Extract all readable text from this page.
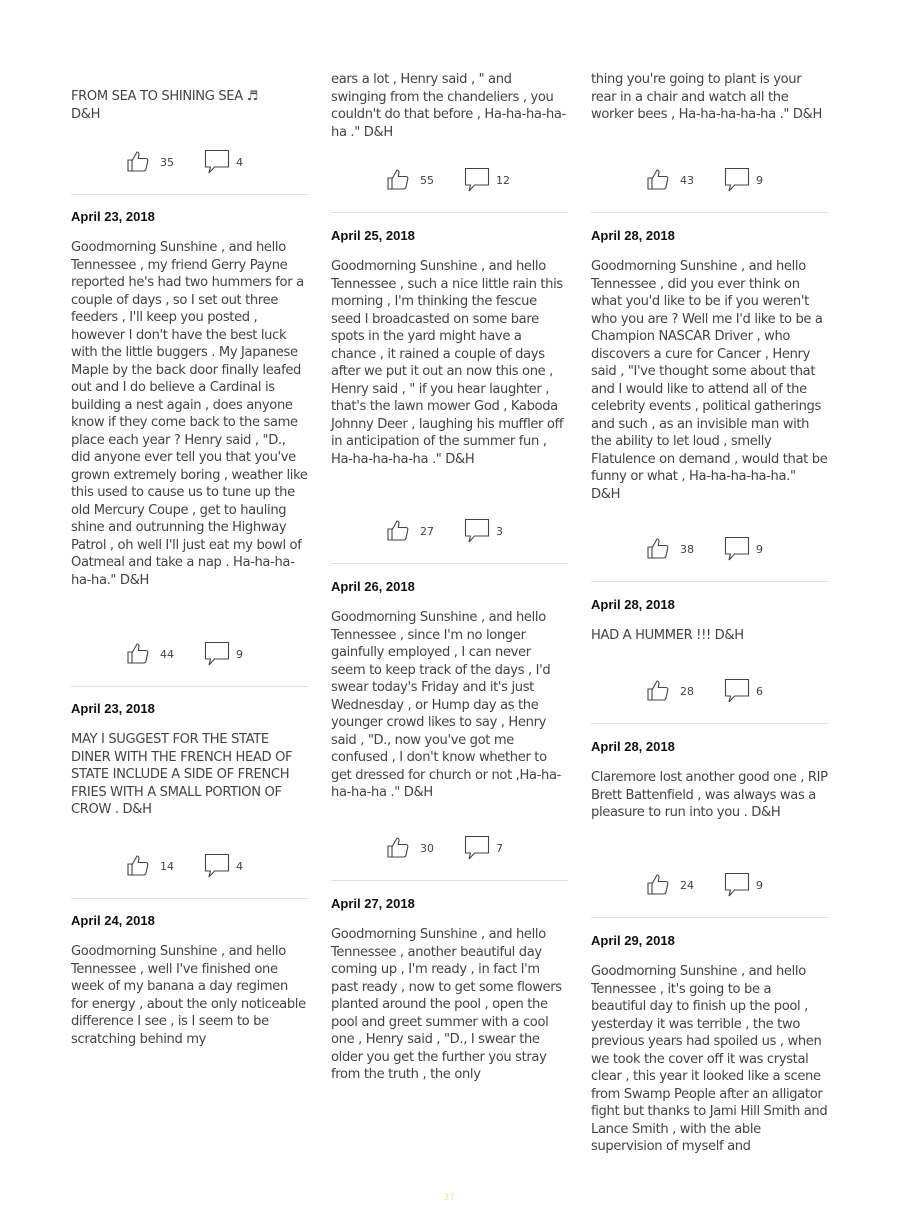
FROM SEA TO SHINING SEA ♬
D&H

35	4

April 23, 2018

Goodmorning Sunshine , and hello Tennessee , my friend Gerry Payne reported he's had two hummers for a couple of days , so I set out three feeders , I'll keep you posted , however I don't have the best luck with the little buggers . My Japanese Maple by the back door finally leafed out and I do believe a Cardinal is building a nest again , does anyone know if they come back to the same place each year ? Henry said , "D., did anyone ever tell you that you've grown extremely boring , weather like this used to cause us to tune up the old Mercury Coupe , get to hauling shine and outrunning the Highway Patrol , oh well I'll just eat my bowl of Oatmeal and take a nap . Ha-ha-ha-ha-ha." D&H

44	9

April 23, 2018

MAY I SUGGEST FOR THE STATE DINER WITH THE FRENCH HEAD OF STATE INCLUDE A SIDE OF FRENCH FRIES WITH A SMALL PORTION OF CROW . D&H

14	4

April 24, 2018

Goodmorning Sunshine , and hello Tennessee , well I've finished one week of my banana a day regimen for energy , about the only noticeable difference I see , is I seem to be scratching behind my

ears a lot , Henry said , " and swinging from the chandeliers , you couldn't do that before , Ha-ha-ha-ha-ha ." D&H

55	12

April 25, 2018

Goodmorning Sunshine , and hello Tennessee , such a nice little rain this morning , I'm thinking the fescue seed I broadcasted on some bare spots in the yard might have a chance , it rained a couple of days after we put it out an now this one , Henry said , " if you hear laughter , that's the lawn mower God , Kaboda Johnny Deer , laughing his muffler off in anticipation of the summer fun , Ha-ha-ha-ha-ha ." D&H

27	3

April 26, 2018

Goodmorning Sunshine , and hello Tennessee , since I'm no longer gainfully employed , I can never seem to keep track of the days , I'd swear today's Friday and it's just Wednesday , or Hump day as the younger crowd likes to say , Henry said , "D., now you've got me confused , I don't know whether to get dressed for church or not ,Ha-ha-ha-ha-ha ." D&H

30	7

April 27, 2018

Goodmorning Sunshine , and hello Tennessee , another beautiful day coming up , I'm ready , in fact I'm past ready , now to get some flowers planted around the pool , open the pool and greet summer with a cool one , Henry said , "D., I swear the older you get the further you stray from the truth , the only

thing you're going to plant is your rear in a chair and watch all the worker bees , Ha-ha-ha-ha-ha ." D&H

43	9

April 28, 2018

Goodmorning Sunshine , and hello Tennessee , did you ever think on what you'd like to be if you weren't who you are ? Well me I'd like to be a Champion NASCAR Driver , who discovers a cure for Cancer , Henry said , "I've thought some about that and I would like to attend all of the celebrity events , political gatherings and such , as an invisible man with the ability to let loud , smelly Flatulence on demand , would that be funny or what , Ha-ha-ha-ha-ha." D&H

38	9

April 28, 2018

HAD A HUMMER !!! D&H

28	6

April 28, 2018

Claremore lost another good one , RIP Brett Battenfield , was always was a pleasure to run into you . D&H

24	9

April 29, 2018

Goodmorning Sunshine , and hello Tennessee , it's going to be a beautiful day to finish up the pool , yesterday it was terrible , the two previous years had spoiled us , when we took the cover off it was crystal clear , this year it looked like a scene from Swamp People after an alligator fight but thanks to Jami Hill Smith and Lance Smith , with the able supervision of myself and

37
